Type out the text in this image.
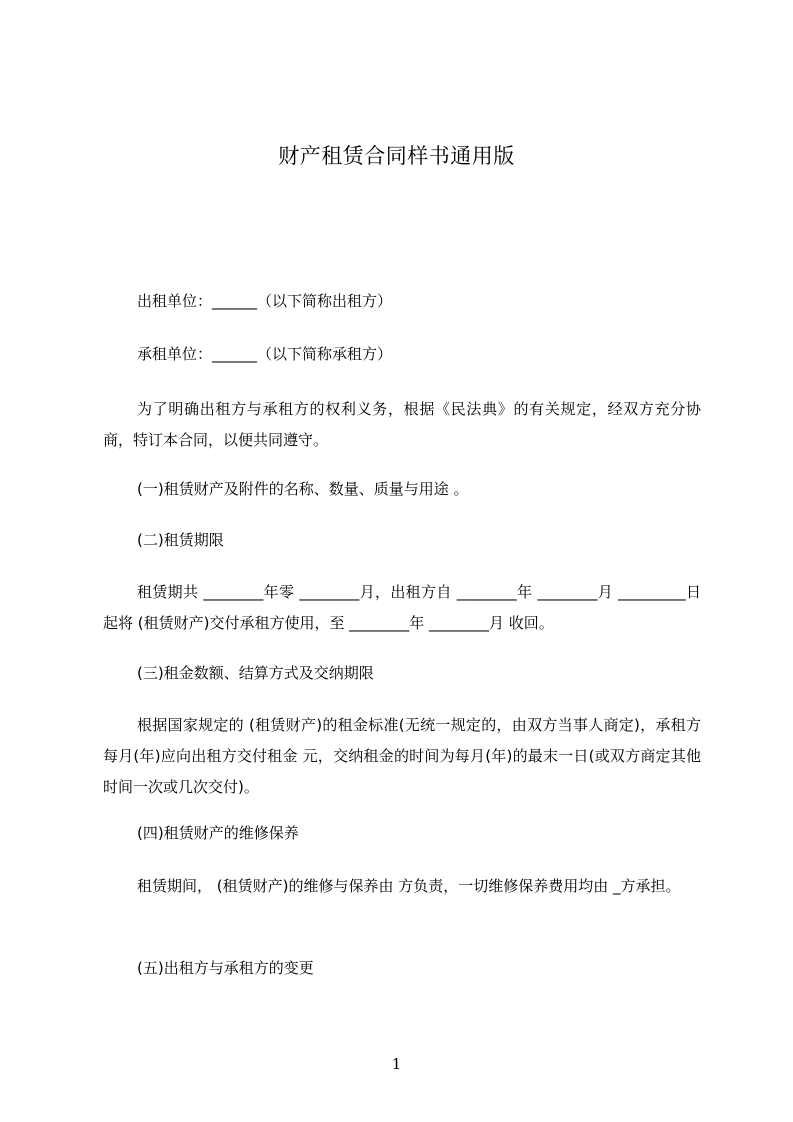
财产租赁合同样书通用版
出租单位：______（以下简称出租方）
承租单位：______（以下简称承租方）
为了明确出租方与承租方的权利义务，根据《民法典》的有关规定，经双方充分协商，特订本合同，以便共同遵守。
(一)租赁财产及附件的名称、数量、质量与用途 。
(二)租赁期限
租赁期共 ________年零 ________月，出租方自 ________年 ________月 _________日起将 (租赁财产)交付承租方使用，至 ________年 ________月 收回。
(三)租金数额、结算方式及交纳期限
根据国家规定的 (租赁财产)的租金标准(无统一规定的，由双方当事人商定)，承租方每月(年)应向出租方交付租金 元，交纳租金的时间为每月(年)的最末一日(或双方商定其他时间一次或几次交付)。
(四)租赁财产的维修保养
租赁期间， (租赁财产)的维修与保养由 方负责，一切维修保养费用均由 _方承担。
(五)出租方与承租方的变更
1
